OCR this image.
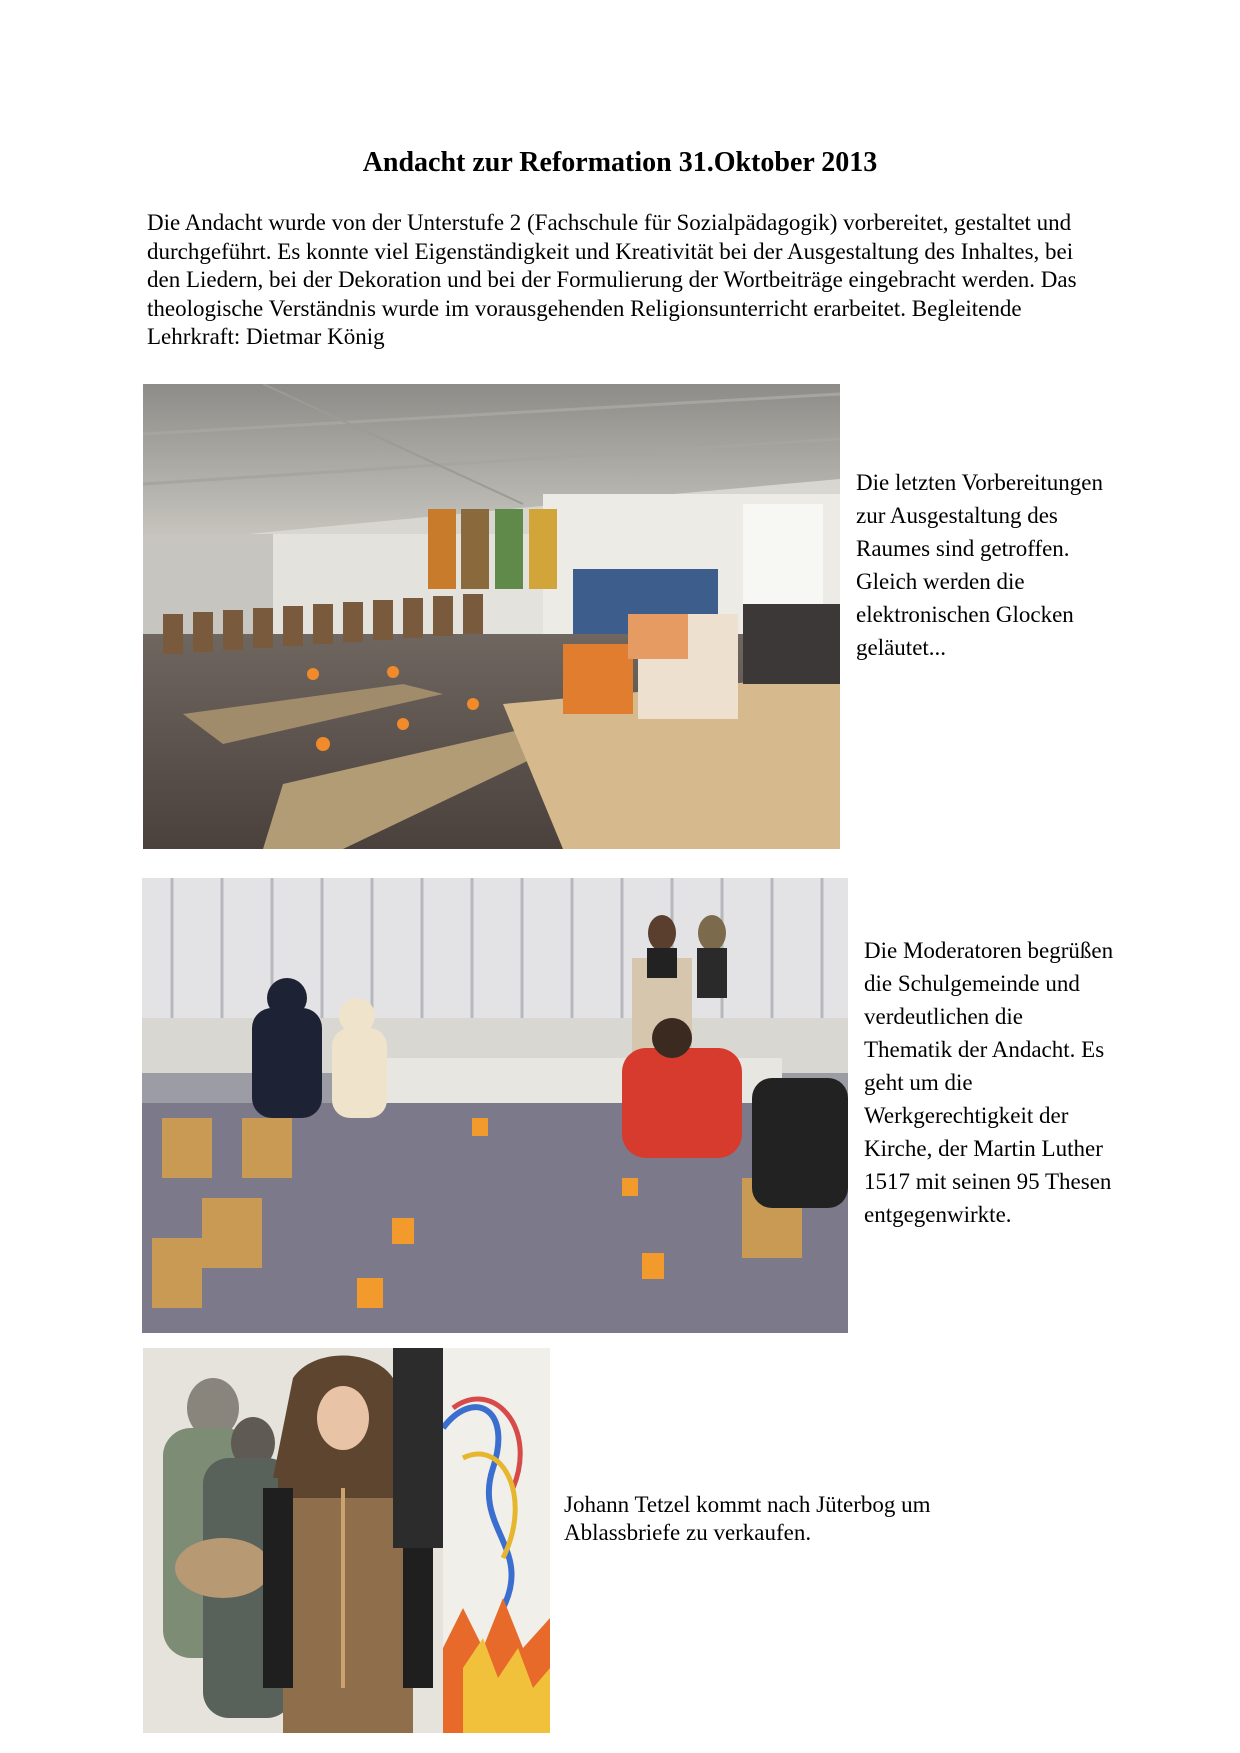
Andacht zur Reformation 31.Oktober 2013

Die Andacht wurde von der Unterstufe 2 (Fachschule für Sozialpädagogik) vorbereitet, gestaltet und durchgeführt. Es konnte viel Eigenständigkeit und Kreativität bei der Ausgestaltung des Inhaltes, bei den Liedern, bei der Dekoration und bei der Formulierung der Wortbeiträge eingebracht werden. Das theologische Verständnis wurde im vorausgehenden Religionsunterricht erarbeitet. Begleitende Lehrkraft: Dietmar König

Die letzten Vorbereitungen zur Ausgestaltung des Raumes sind getroffen. Gleich werden die elektronischen Glocken geläutet...

Die Moderatoren begrüßen die Schulgemeinde und verdeutlichen die Thematik der Andacht. Es geht um die Werkgerechtigkeit der Kirche, der Martin Luther 1517 mit seinen 95 Thesen entgegenwirkte.

Johann Tetzel kommt nach Jüterbog um Ablassbriefe zu verkaufen.
